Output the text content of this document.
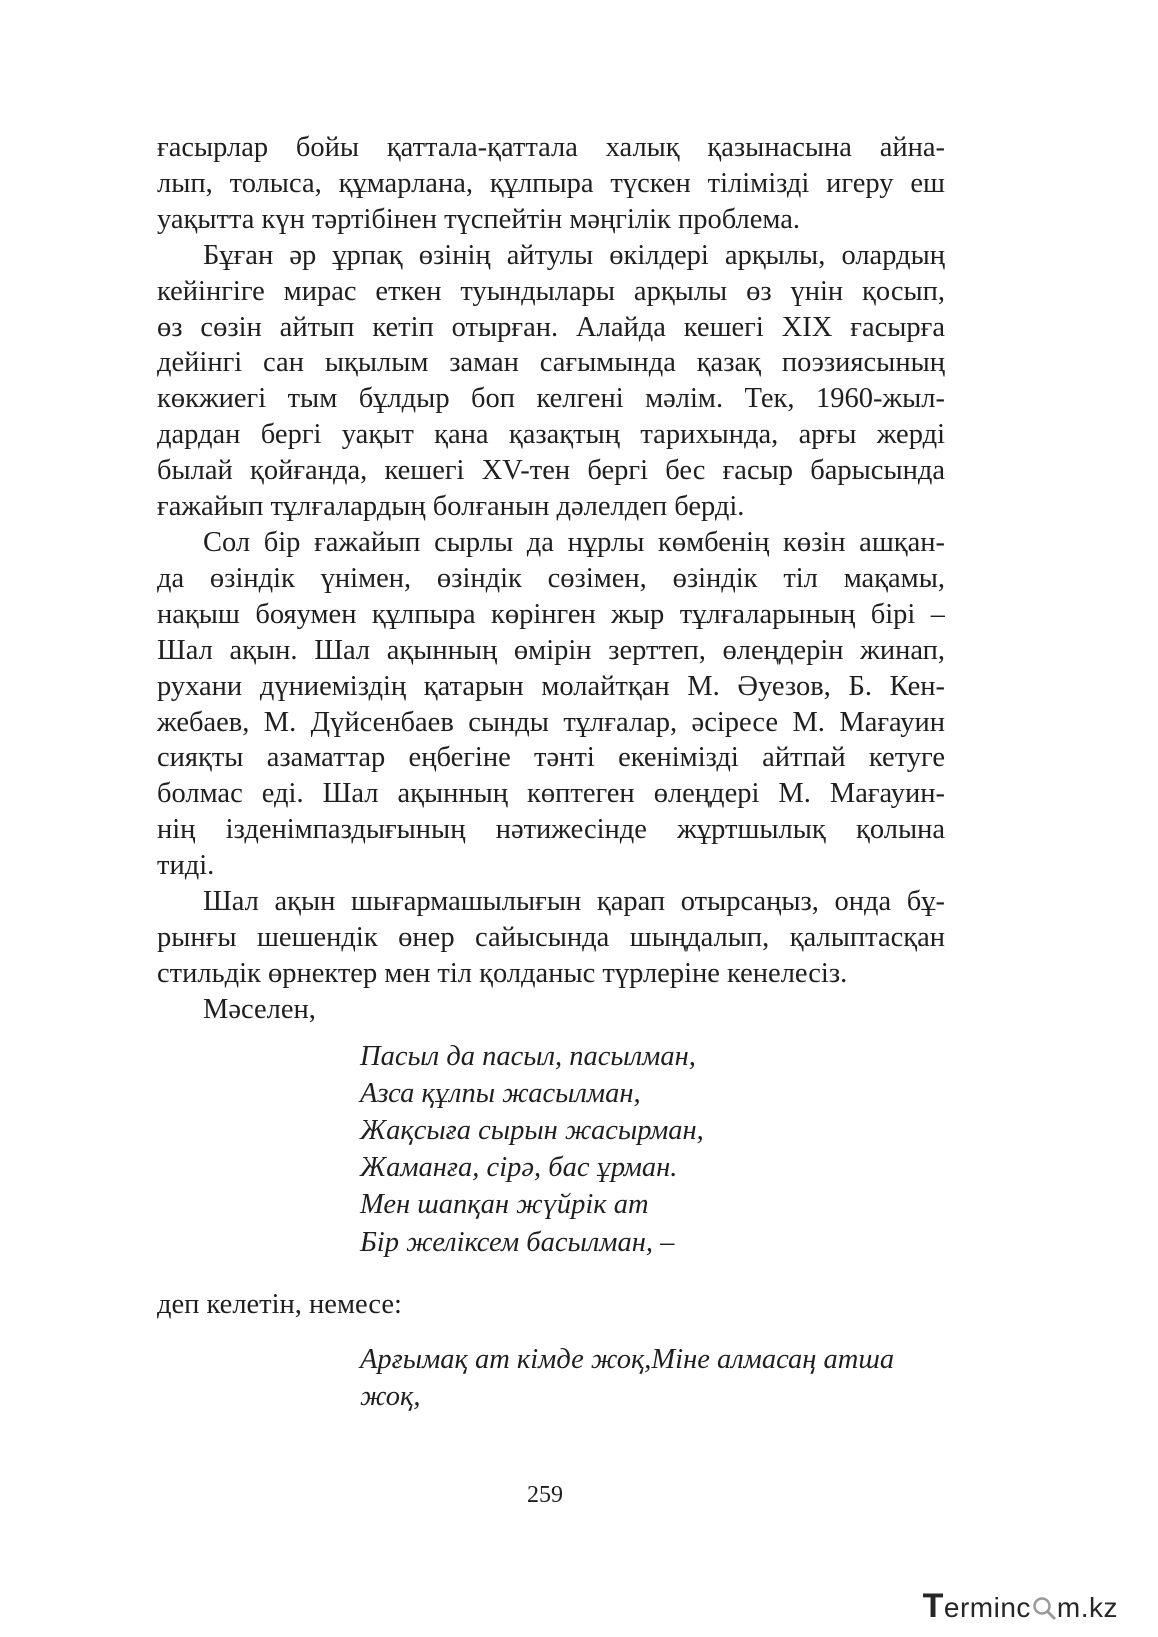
ғасырлар бойы қаттала-қаттала халық қазынасына айна-
лып, толыса, құмарлана, құлпыра түскен тілімізді игеру еш
уақытта күн тәртібінен түспейтін мәңгілік проблема.
Бұған әр ұрпақ өзінің айтулы өкілдері арқылы, олардың
кейінгіге мирас еткен туындылары арқылы өз үнін қосып,
өз сөзін айтып кетіп отырған. Алайда кешегі ХІХ ғасырға
дейінгі сан ықылым заман сағымында қазақ поэзиясының
көкжиегі тым бұлдыр боп келгені мәлім. Тек, 1960-жыл-
дардан бергі уақыт қана қазақтың тарихында, арғы жерді
былай қойғанда, кешегі ХV-тен бергі бес ғасыр барысында
ғажайып тұлғалардың болғанын дәлелдеп берді.
Сол бір ғажайып сырлы да нұрлы көмбенің көзін ашқан-
да өзіндік үнімен, өзіндік сөзімен, өзіндік тіл мақамы,
нақыш бояумен құлпыра көрінген жыр тұлғаларының бірі –
Шал ақын. Шал ақынның өмірін зерттеп, өлеңдерін жинап,
рухани дүниеміздің қатарын молайтқан М. Әуезов, Б. Кен-
жебаев, М. Дүйсенбаев сынды тұлғалар, әсіресе М. Мағауин
сияқты азаматтар еңбегіне тәнті екенімізді айтпай кетуге
болмас еді. Шал ақынның көптеген өлеңдері М. Мағауин-
нің ізденімпаздығының нәтижесінде жұртшылық қолына
тиді.
Шал ақын шығармашылығын қарап отырсаңыз, онда бұ-
рынғы шешендік өнер сайысында шыңдалып, қалыптасқан
стильдік өрнектер мен тіл қолданыс түрлеріне кенелесіз.
Мәселен,
Пасыл да пасыл, пасылман,
Азса құлпы жасылман,
Жақсыға сырын жасырман,
Жаманға, сірә, бас ұрман.
Мен шапқан жүйрік ат
Бір желіксем басылман, –
деп келетін, немесе:
Арғымақ ат кімде жоқ,Міне алмасаң атша жоқ,
259
Terminc m.kz
